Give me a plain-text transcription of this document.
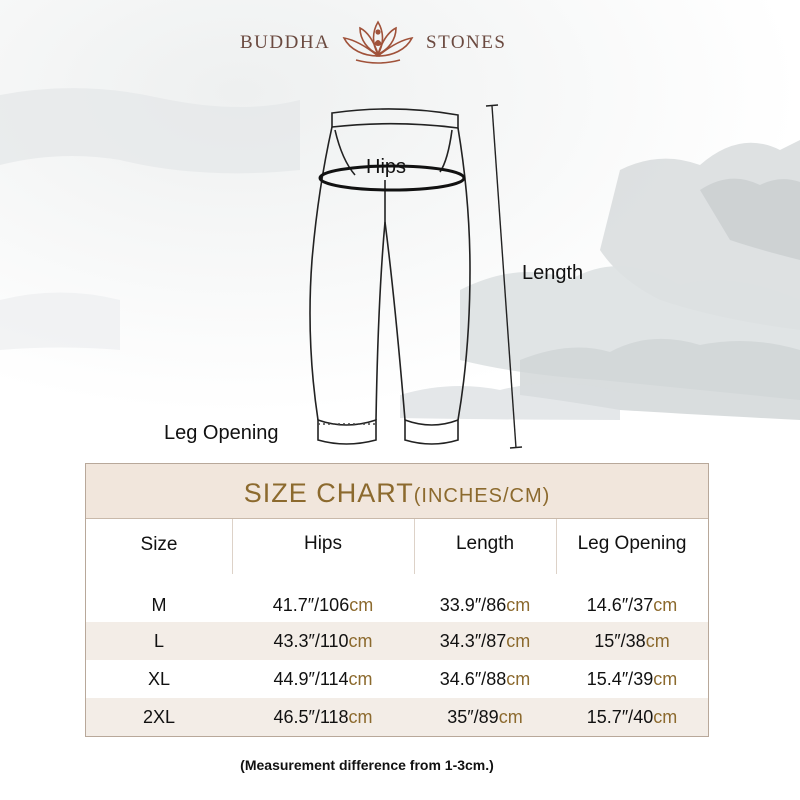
BUDDHA	STONES
Hips
Length
Leg Opening
SIZE CHART(INCHES/CM)
Size	Hips	Length	Leg Opening
M	41.7″/106cm	33.9″/86cm	14.6″/37cm
L	43.3″/110cm	34.3″/87cm	15″/38cm
XL	44.9″/114cm	34.6″/88cm	15.4″/39cm
2XL	46.5″/118cm	35″/89cm	15.7″/40cm
(Measurement difference from 1-3cm.)
